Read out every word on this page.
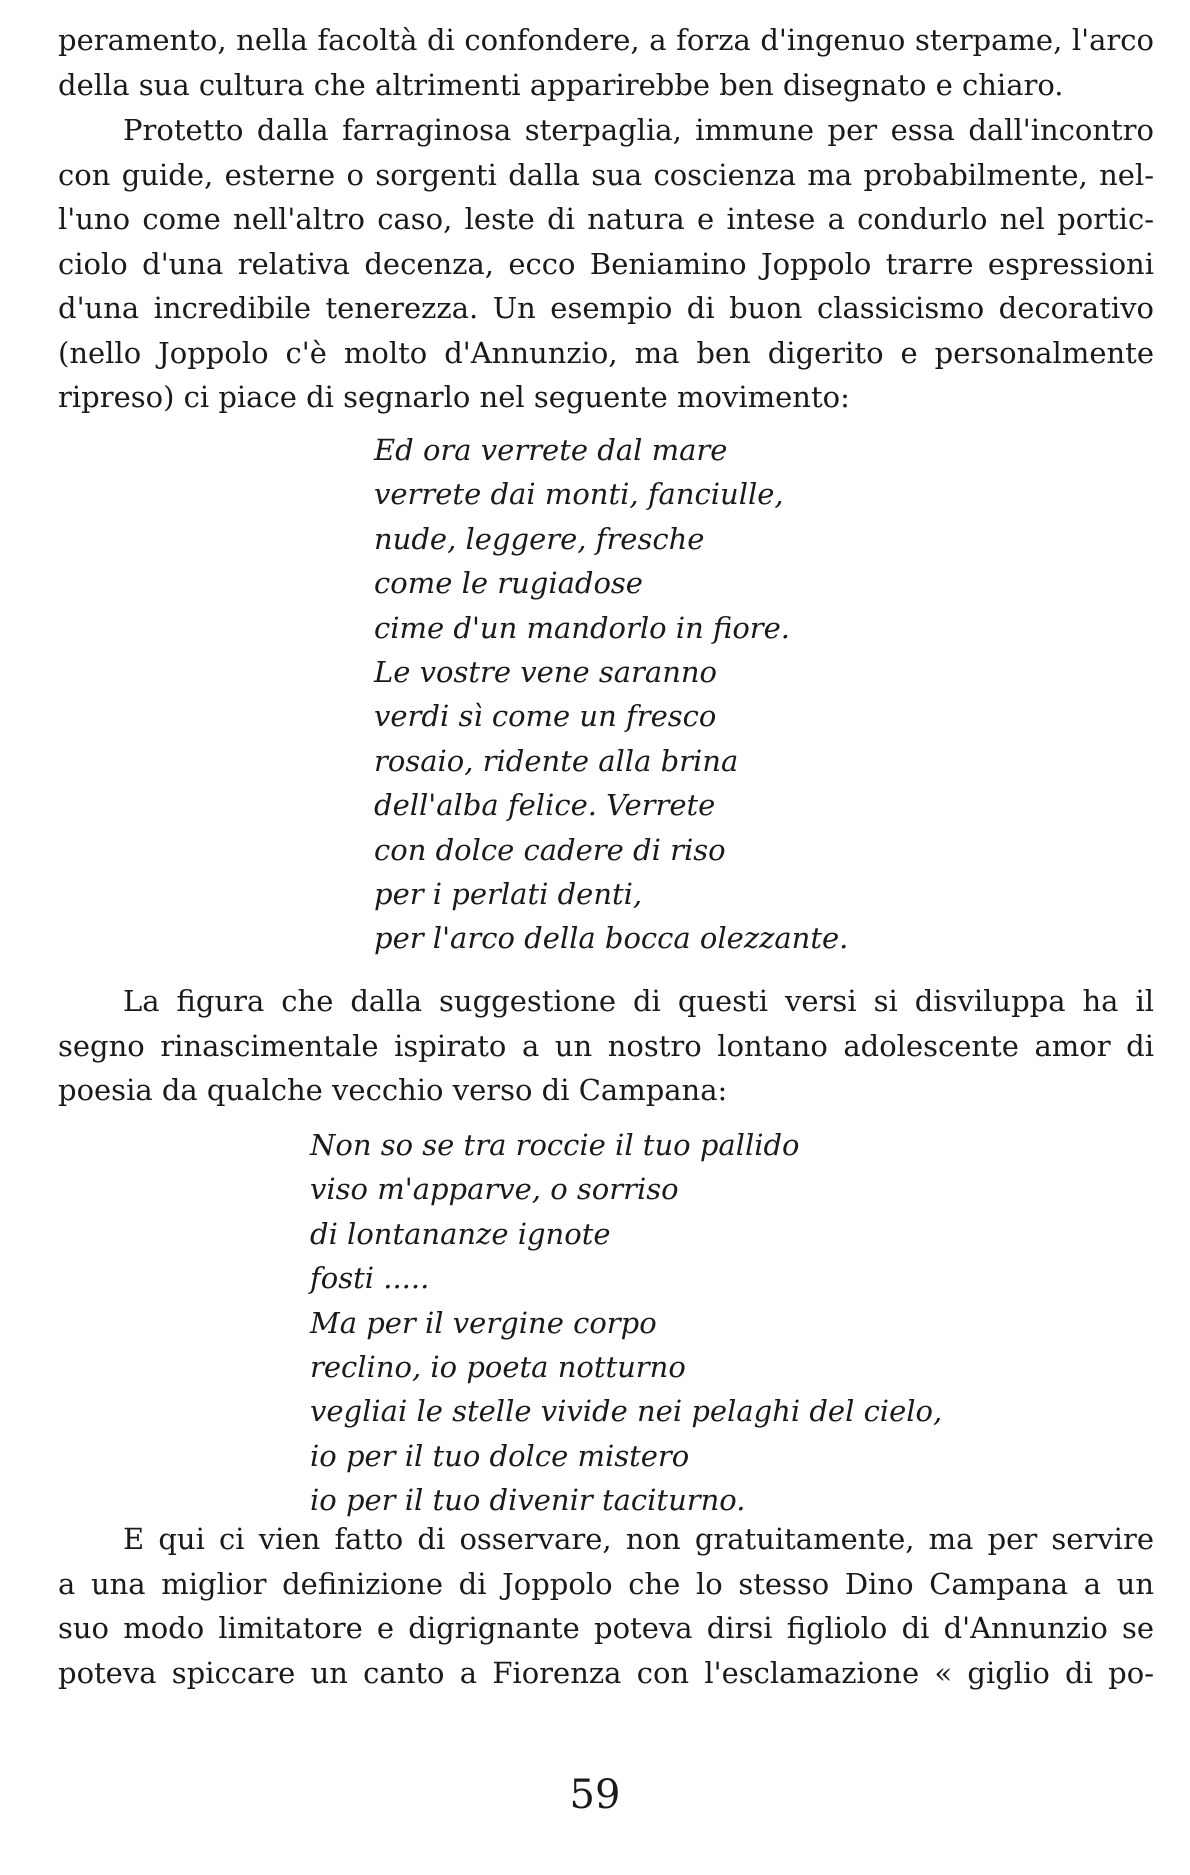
peramento, nella facoltà di confondere, a forza d'ingenuo sterpame, l'arco
della sua cultura che altrimenti apparirebbe ben disegnato e chiaro.
Protetto dalla farraginosa sterpaglia, immune per essa dall'incontro
con guide, esterne o sorgenti dalla sua coscienza ma probabilmente, nel-
l'uno come nell'altro caso, leste di natura e intese a condurlo nel portic-
ciolo d'una relativa decenza, ecco Beniamino Joppolo trarre espressioni
d'una incredibile tenerezza. Un esempio di buon classicismo decorativo
(nello Joppolo c'è molto d'Annunzio, ma ben digerito e personalmente
ripreso) ci piace di segnarlo nel seguente movimento:
Ed ora verrete dal mare
verrete dai monti, fanciulle,
nude, leggere, fresche
come le rugiadose
cime d'un mandorlo in fiore.
Le vostre vene saranno
verdi sì come un fresco
rosaio, ridente alla brina
dell'alba felice. Verrete
con dolce cadere di riso
per i perlati denti,
per l'arco della bocca olezzante.
La figura che dalla suggestione di questi versi si disviluppa ha il
segno rinascimentale ispirato a un nostro lontano adolescente amor di
poesia da qualche vecchio verso di Campana:
Non so se tra roccie il tuo pallido
viso m'apparve, o sorriso
di lontananze ignote
fosti .....
Ma per il vergine corpo
reclino, io poeta notturno
vegliai le stelle vivide nei pelaghi del cielo,
io per il tuo dolce mistero
io per il tuo divenir taciturno.
E qui ci vien fatto di osservare, non gratuitamente, ma per servire
a una miglior definizione di Joppolo che lo stesso Dino Campana a un
suo modo limitatore e digrignante poteva dirsi figliolo di d'Annunzio se
poteva spiccare un canto a Fiorenza con l'esclamazione « giglio di po-
59
